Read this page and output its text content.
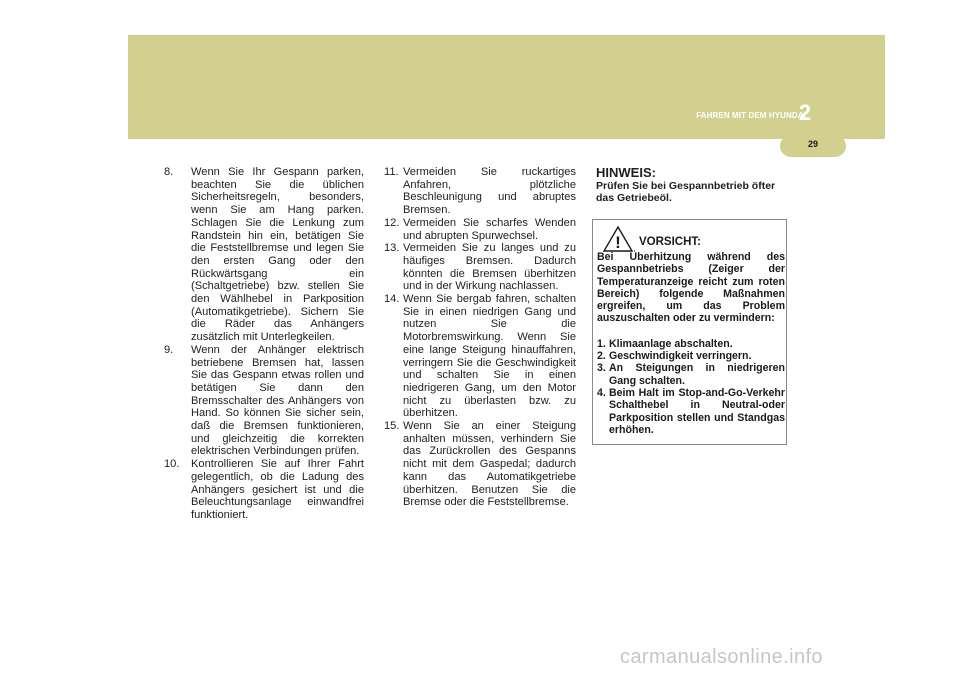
FAHREN MIT DEM HYUNDAI
2
29

8. Wenn Sie Ihr Gespann parken, beachten Sie die üblichen Sicherheitsregeln, besonders, wenn Sie am Hang parken. Schlagen Sie die Lenkung zum Randstein hin ein, betätigen Sie die Feststellbremse und legen Sie den ersten Gang oder den Rückwärtsgang ein (Schaltgetriebe) bzw. stellen Sie den Wählhebel in Parkposition (Automatikgetriebe). Sichern Sie die Räder das Anhängers zusätzlich mit Unterlegkeilen.

9. Wenn der Anhänger elektrisch betriebene Bremsen hat, lassen Sie das Gespann etwas rollen und betätigen Sie dann den Bremsschalter des Anhängers von Hand. So können Sie sicher sein, daß die Bremsen funktionieren, und gleichzeitig die korrekten elektrischen Verbindungen prüfen.

10. Kontrollieren Sie auf Ihrer Fahrt gelegentlich, ob die Ladung des Anhängers gesichert ist und die Beleuchtungsanlage einwandfrei funktioniert.

11. Vermeiden Sie ruckartiges Anfahren, plötzliche Beschleunigung und abruptes Bremsen.

12. Vermeiden Sie scharfes Wenden und abrupten Spurwechsel.

13. Vermeiden Sie zu langes und zu häufiges Bremsen. Dadurch könnten die Bremsen überhitzen und in der Wirkung nachlassen.

14. Wenn Sie bergab fahren, schalten Sie in einen niedrigen Gang und nutzen Sie die Motorbremswirkung. Wenn Sie eine lange Steigung hinauffahren, verringern Sie die Geschwindigkeit und schalten Sie in einen niedrigeren Gang, um den Motor nicht zu überlasten bzw. zu überhitzen.

15. Wenn Sie an einer Steigung anhalten müssen, verhindern Sie das Zurückrollen des Gespanns nicht mit dem Gaspedal; dadurch kann das Automatikgetriebe überhitzen. Benutzen Sie die Bremse oder die Feststellbremse.

HINWEIS:
Prüfen Sie bei Gespannbetrieb öfter das Getriebeöl.
! VORSICHT:
Bei Überhitzung während des Gespannbetriebs (Zeiger der Temperaturanzeige reicht zum roten Bereich) folgende Maßnahmen ergreifen, um das Problem auszuschalten oder zu vermindern:

1. Klimaanlage abschalten.

2. Geschwindigkeit verringern.

3. An Steigungen in niedrigeren Gang schalten.

4. Beim Halt im Stop-and-Go-Verkehr Schalthebel in Neutral-oder Parkposition stellen und Standgas erhöhen.

carmanualsonline.info
